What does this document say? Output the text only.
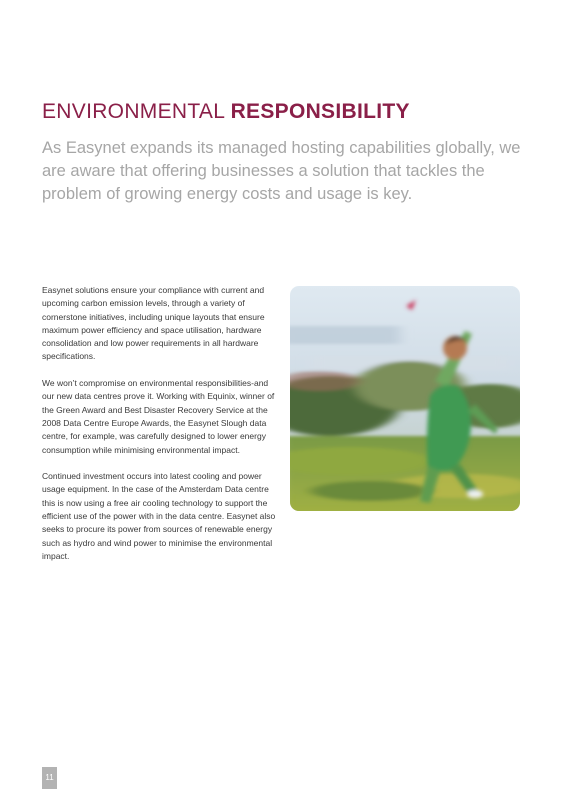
ENVIRONMENTAL RESPONSIBILITY
As Easynet expands its managed hosting capabilities globally, we are aware that offering businesses a solution that tackles the problem of growing energy costs and usage is key.

Easynet solutions ensure your compliance with current and upcoming carbon emission levels, through a variety of cornerstone initiatives, including unique layouts that ensure maximum power efficiency and space utilisation, hardware consolidation and low power requirements in all hardware specifications.

We won’t compromise on environmental responsibilities-and our new data centres prove it. Working with Equinix, winner of the Green Award and Best Disaster Recovery Service at the 2008 Data Centre Europe Awards, the Easynet Slough data centre, for example, was carefully designed to lower energy consumption while minimising environmental impact.

Continued investment occurs into latest cooling and power usage equipment. In the case of the Amsterdam Data centre this is now using a free air cooling technology to support the efficient use of the power with in the data centre. Easynet also seeks to procure its power from sources of renewable energy such as hydro and wind power to minimise the environmental impact.

11
